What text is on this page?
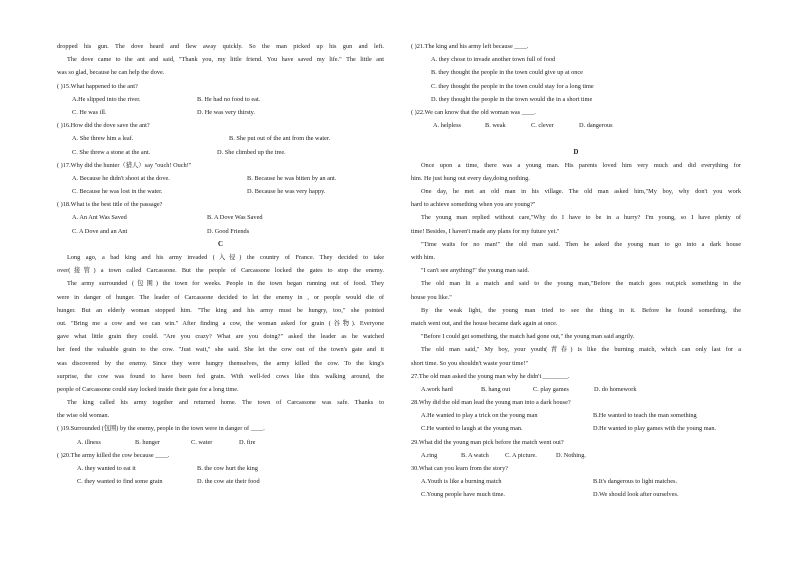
dropped his gun. The dove heard and flew away quickly. So the man picked up his gun and left.
The dove came to the ant and said, "Thank you, my little friend. You have saved my life." The little ant
was so glad, because he can help the dove.
( )15.What happened to the ant?
A.He slipped into the river.	B. He had no food to eat.
C. He was ill.	D. He was very thirsty.
( )16.How did the dove save the ant?
A. She threw him a leaf.	B. She put out of the ant from the water.
C. She threw a stone at the ant.	D. She climbed up the tree.
( )17.Why did the hunter（猎人）say "ouch! Ouch!"
A. Because he didn't shoot at the dove.	B. Because he was bitten by an ant.
C. Because he was lost in the water.	D. Because he was very happy.
( )18.What is the best title of the passage?
A. An Ant Was Saved	B. A Dove Was Saved
C. A Dove and an Ant	D. Good Friends
C
Long ago, a bad king and his army invaded (入侵) the country of France. They decided to take
over(接管) a town called Carcassone. But the people of Carcassone locked the gates to stop the enemy.
The army surrounded (包围) the town for weeks. People in the town began running out of food. They
were in danger of hunger. The leader of Carcassone decided to let the enemy in , or people would die of
hunger. But an elderly woman stopped him. "The king and his army must be hungry, too," she pointed
out. "Bring me a cow and we can win." After finding a cow, the woman asked for grain (谷物). Everyone
gave what little grain they could. "Are you crazy? What are you doing?" asked the leader as he watched
her feed the valuable grain to the cow. "Just wait," she said. She let the cow out of the town's gate and it
was discovered by the enemy. Since they were hungry themselves, the army killed the cow. To the king's
surprise, the cow was found to have been fed grain. With well-fed cows like this walking around, the
people of Carcassone could stay locked inside their gate for a long time.
The king called his army together and returned home. The town of Carcassone was safe. Thanks to
the wise old woman.
( )19.Surrounded (包围) by the enemy, people in the town were in danger of ____.
A. illness	B. hunger	C. water	D. fire
( )20.The army killed the cow because ____.
A. they wanted to eat it	B. the cow hurt the king
C. they wanted to find some grain	D. the cow ate their food
( )21.The king and his army left because ____.
A. they chose to invade another town full of food
B. they thought the people in the town could give up at once
C. they thought the people in the town could stay for a long time
D. they thought the people in the town would die in a short time
( )22.We can know that the old woman was ____.
A. helpless	B. weak	C. clever	D. dangerous
D
Once upon a time, there was a young man. His parents loved him very much and did everything for
him. He just hung out every day,doing nothing.
One day, he met an old man in his village. The old man asked him,"My boy, why don't you work
hard to achieve something when you are young?"
The young man replied without care,"Why do I have to be in a hurry? I'm young, so I have plenty of
time! Besides, I haven't made any plans for my future yet."
"Time waits for no man!" the old man said. Then he asked the young man to go into a dark house
with him.
"I can't see anything!" the young man said.
The old man lit a match and said to the young man,"Before the match goes out,pick something in the
house you like."
By the weak light, the young man tried to see the thing in it. Before he found something, the
match went out, and the house became dark again at once.
"Before I could get something, the match had gone out," the young man said angrily.
The old man said," My boy, your youth(青春) is like the burning match, which can only last for a
short time. So you shouldn't waste your time!"
27.The old man asked the young man why he didn't ________.
A.work hard	B. hang out	C. play games	D. do homework
28.Why did the old man lead the young man into a dark house?
A.He wanted to play a trick on the young man	B.He wanted to teach the man something
C.He wanted to laugh at the young man.	D.He wanted to play games with the young man.
29.What did the young man pick before the match went out?
A.ring	B. A watch	C. A picture.	D. Nothing.
30.What can you learn from the story?
A.Youth is like a burning match	B.It's dangerous to light matches.
C.Young people have much time.	D.We should look after ourselves.
